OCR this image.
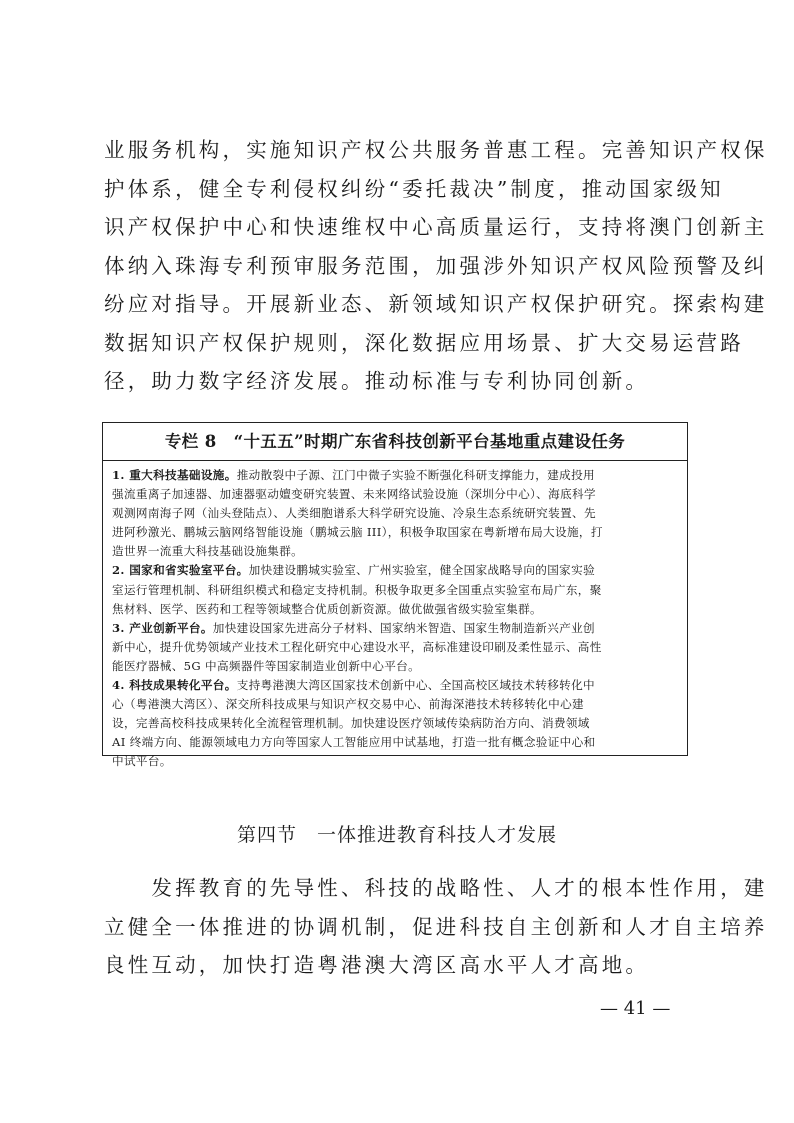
业服务机构，实施知识产权公共服务普惠工程。完善知识产权保
护体系，健全专利侵权纠纷“委托裁决”制度，推动国家级知
识产权保护中心和快速维权中心高质量运行，支持将澳门创新主
体纳入珠海专利预审服务范围，加强涉外知识产权风险预警及纠
纷应对指导。开展新业态、新领域知识产权保护研究。探索构建
数据知识产权保护规则，深化数据应用场景、扩大交易运营路
径，助力数字经济发展。推动标准与专利协同创新。
专栏 8　“十五五”时期广东省科技创新平台基地重点建设任务
1. 重大科技基础设施。推动散裂中子源、江门中微子实验不断强化科研支撑能力，建成投用
强流重离子加速器、加速器驱动嬗变研究装置、未来网络试验设施（深圳分中心）、海底科学
观测网南海子网（汕头登陆点）、人类细胞谱系大科学研究设施、冷泉生态系统研究装置、先
进阿秒激光、鹏城云脑网络智能设施（鹏城云脑 III），积极争取国家在粤新增布局大设施，打
造世界一流重大科技基础设施集群。
2. 国家和省实验室平台。加快建设鹏城实验室、广州实验室，健全国家战略导向的国家实验
室运行管理机制、科研组织模式和稳定支持机制。积极争取更多全国重点实验室布局广东，聚
焦材料、医学、医药和工程等领域整合优质创新资源。做优做强省级实验室集群。
3. 产业创新平台。加快建设国家先进高分子材料、国家纳米智造、国家生物制造新兴产业创
新中心，提升优势领域产业技术工程化研究中心建设水平，高标准建设印刷及柔性显示、高性
能医疗器械、5G 中高频器件等国家制造业创新中心平台。
4. 科技成果转化平台。支持粤港澳大湾区国家技术创新中心、全国高校区域技术转移转化中
心（粤港澳大湾区）、深交所科技成果与知识产权交易中心、前海深港技术转移转化中心建
设，完善高校科技成果转化全流程管理机制。加快建设医疗领域传染病防治方向、消费领域
AI 终端方向、能源领域电力方向等国家人工智能应用中试基地，打造一批有概念验证中心和
中试平台。
第四节　一体推进教育科技人才发展
　　发挥教育的先导性、科技的战略性、人才的根本性作用，建
立健全一体推进的协调机制，促进科技自主创新和人才自主培养
良性互动，加快打造粤港澳大湾区高水平人才高地。
— 41 —
